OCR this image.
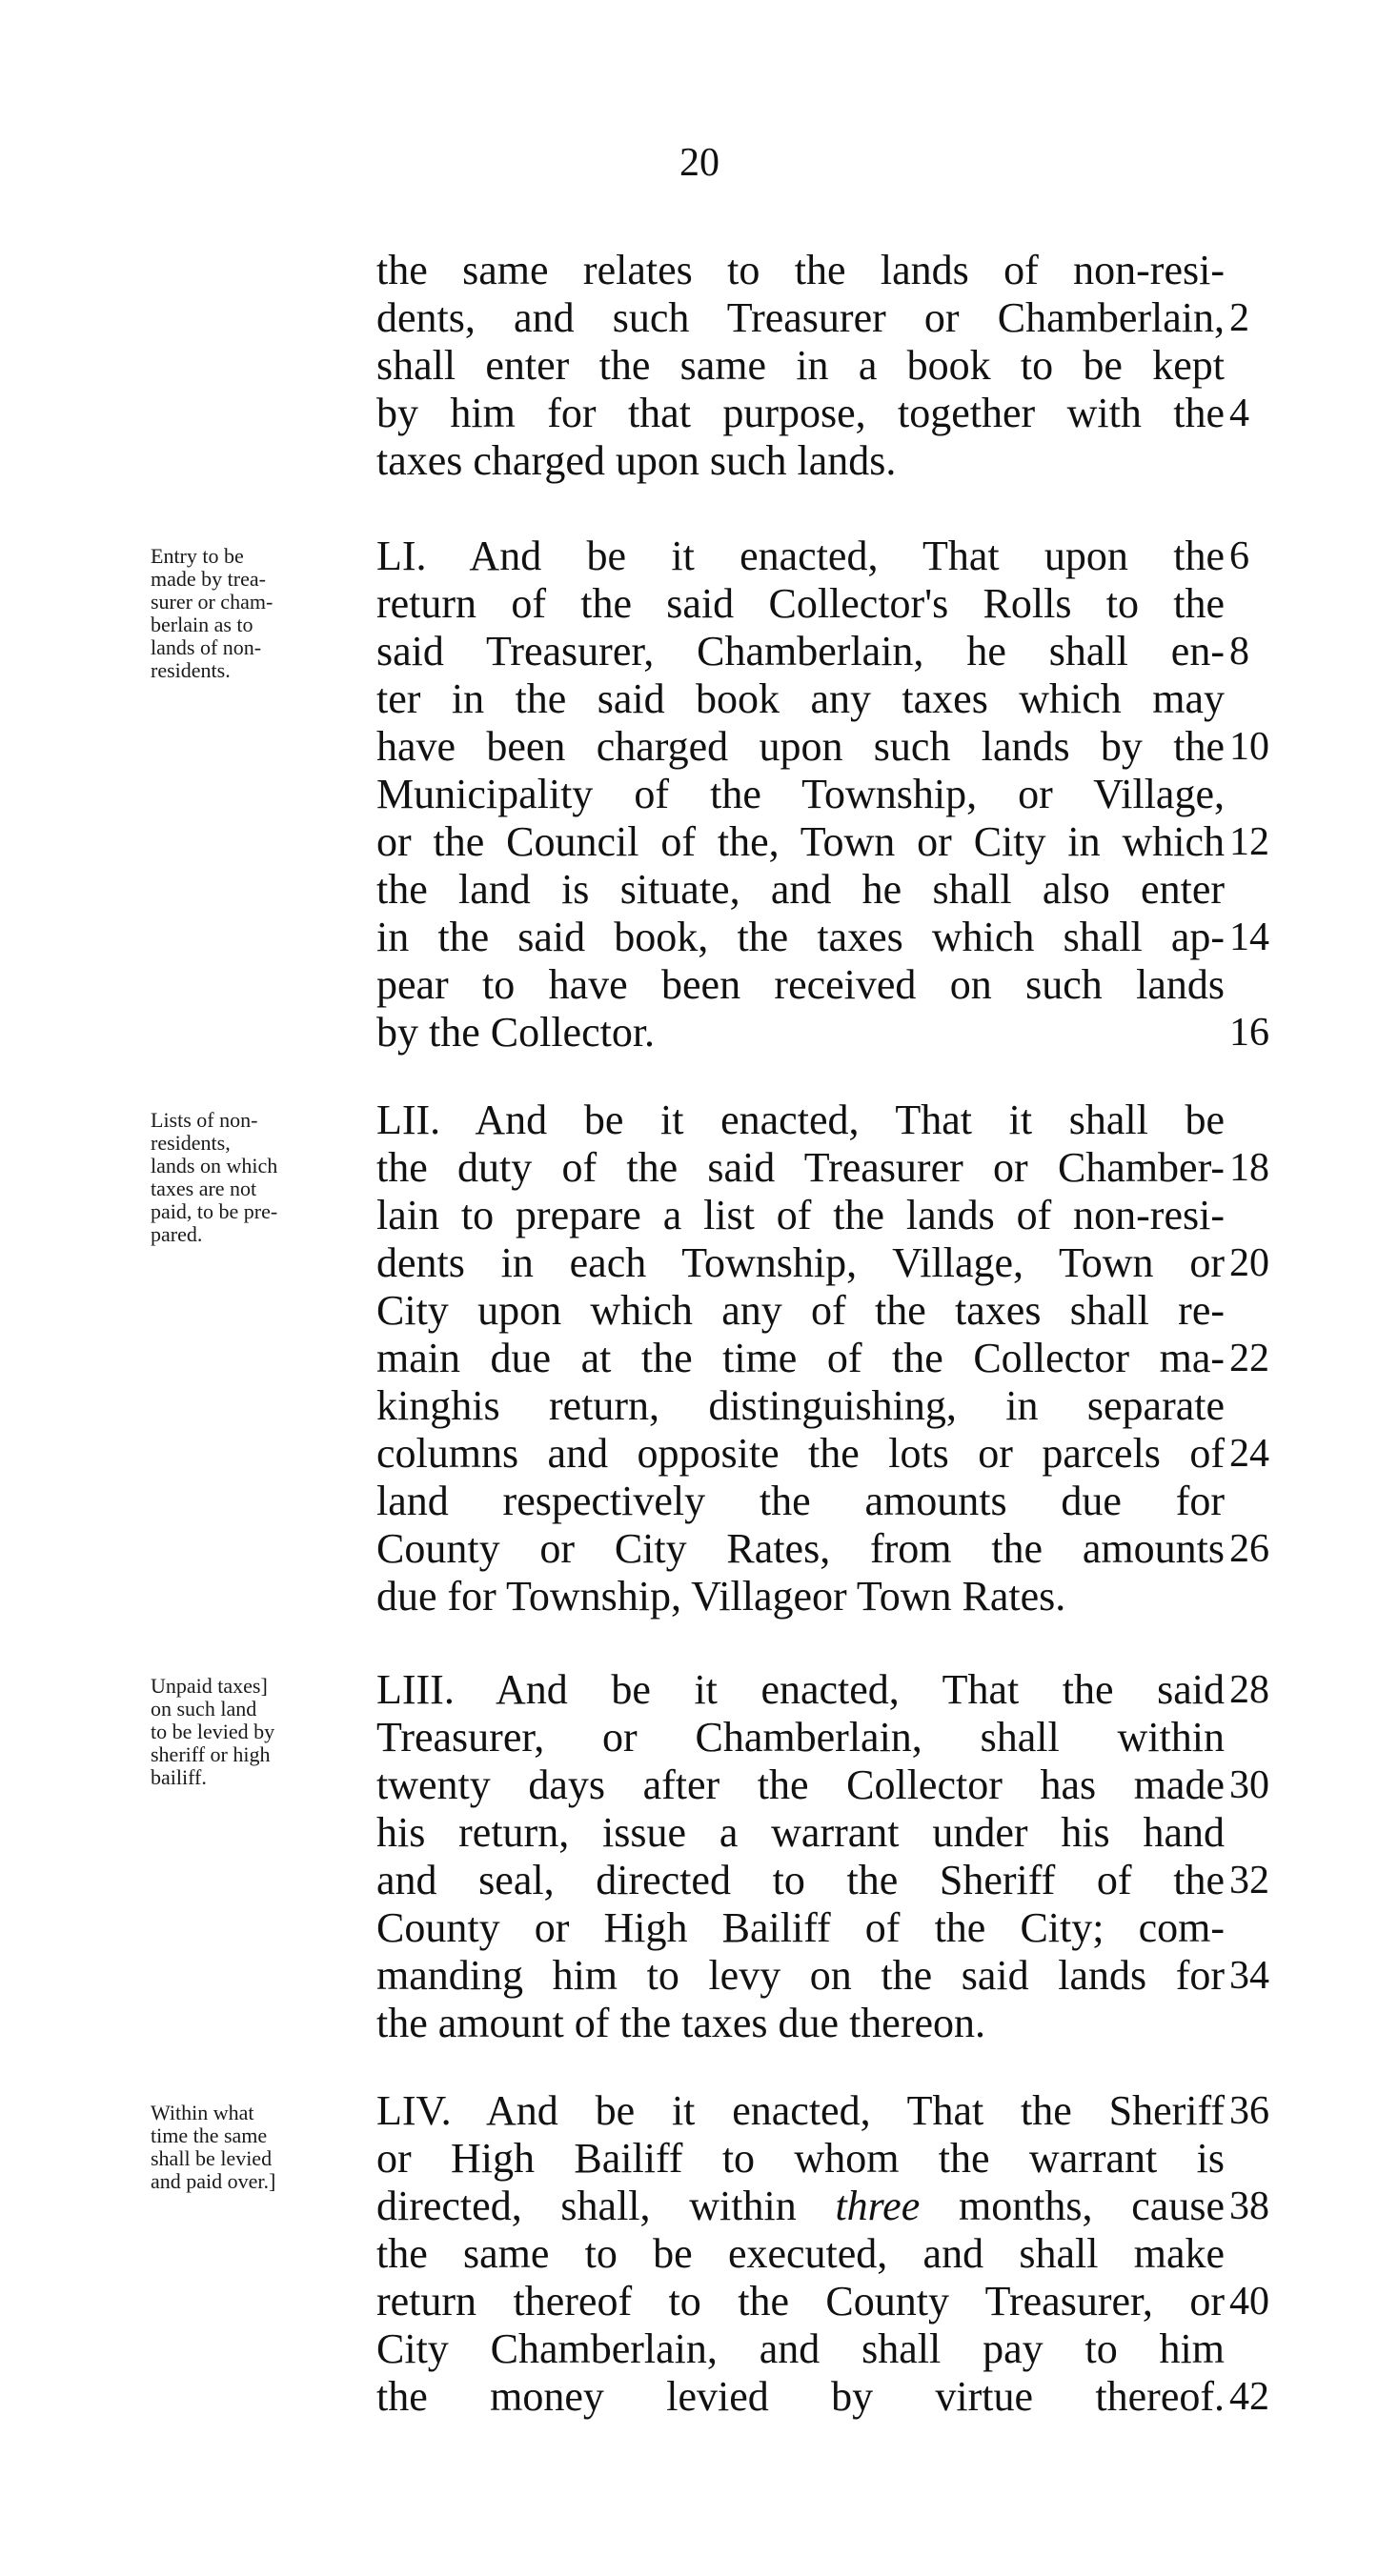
20
the same relates to the lands of non-resi-
dents, and such Treasurer or Chamberlain, 2
shall enter the same in a book to be kept
by him for that purpose, together with the 4
taxes charged upon such lands.
Entry to be
made by trea-
surer or cham-
berlain as to
lands of non-
residents.
LI. And be it enacted, That upon the 6
return of the said Collector's Rolls to the
said Treasurer, Chamberlain, he shall en- 8
ter in the said book any taxes which may
have been charged upon such lands by the 10
Municipality of the Township, or Village,
or the Council of the, Town or City in which 12
the land is situate, and he shall also enter
in the said book, the taxes which shall ap- 14
pear to have been received on such lands
by the Collector.	16
Lists of non-
residents,
lands on which
taxes are not
paid, to be pre-
pared.
LII. And be it enacted, That it shall be
the duty of the said Treasurer or Chamber- 18
lain to prepare a list of the lands of non-resi-
dents in each Township, Village, Town or 20
City upon which any of the taxes shall re-
main due at the time of the Collector ma- 22
kinghis return, distinguishing, in separate
columns and opposite the lots or parcels of 24
land respectively the amounts due for
County or City Rates, from the amounts 26
due for Township, Villageor Town Rates.
Unpaid taxes]
on such land
to be levied by
sheriff or high
bailiff.
LIII. And be it enacted, That the said 28
Treasurer, or Chamberlain, shall within
twenty days after the Collector has made 30
his return, issue a warrant under his hand
and seal, directed to the Sheriff of the 32
County or High Bailiff of the City; com-
manding him to levy on the said lands for 34
the amount of the taxes due thereon.
Within what
time the same
shall be levied
and paid over.]
LIV. And be it enacted, That the Sheriff 36
or High Bailiff to whom the warrant is
directed, shall, within three months, cause 38
the same to be executed, and shall make
return thereof to the County Treasurer, or 40
City Chamberlain, and shall pay to him
the money levied by virtue thereof. 42
